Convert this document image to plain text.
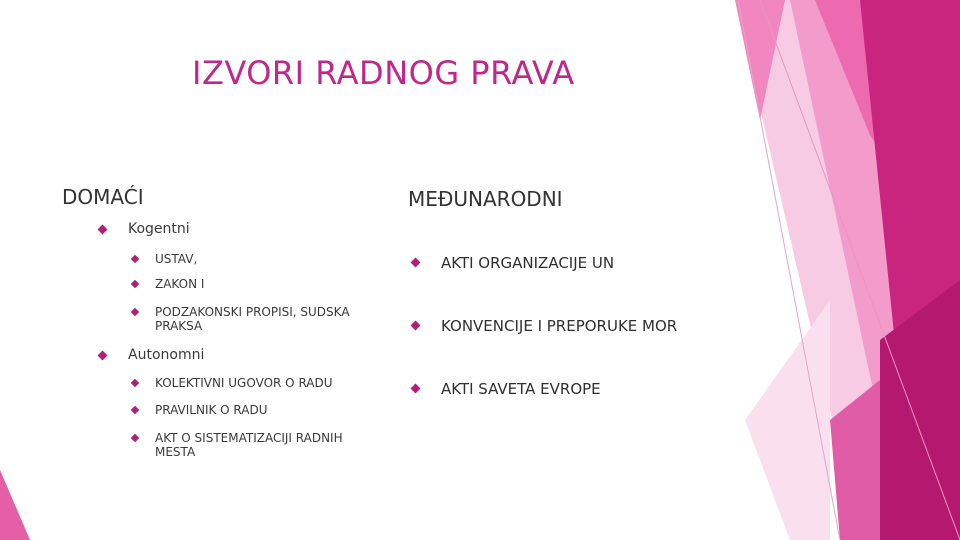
IZVORI RADNOG PRAVA
DOMAĆI
Kogentni
USTAV,
ZAKON I
PODZAKONSKI PROPISI, SUDSKA PRAKSA
Autonomni
KOLEKTIVNI UGOVOR O RADU
PRAVILNIK O RADU
AKT O SISTEMATIZACIJI RADNIH MESTA
MEĐUNARODNI
AKTI ORGANIZACIJE UN
KONVENCIJE I PREPORUKE MOR
AKTI SAVETA EVROPE
